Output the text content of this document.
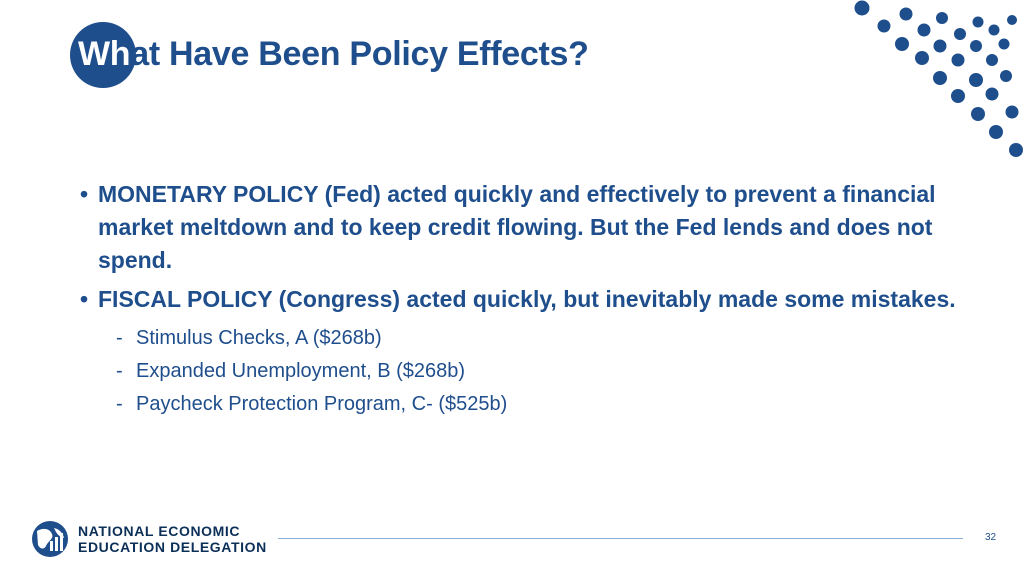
What Have Been Policy Effects?

• MONETARY POLICY (Fed) acted quickly and effectively to prevent a financial market meltdown and to keep credit flowing. But the Fed lends and does not spend.

• FISCAL POLICY (Congress) acted quickly, but inevitably made some mistakes.

- Stimulus Checks, A ($268b)
- Expanded Unemployment, B ($268b)
- Paycheck Protection Program, C- ($525b)
NATIONAL ECONOMIC
EDUCATION DELEGATION
32
